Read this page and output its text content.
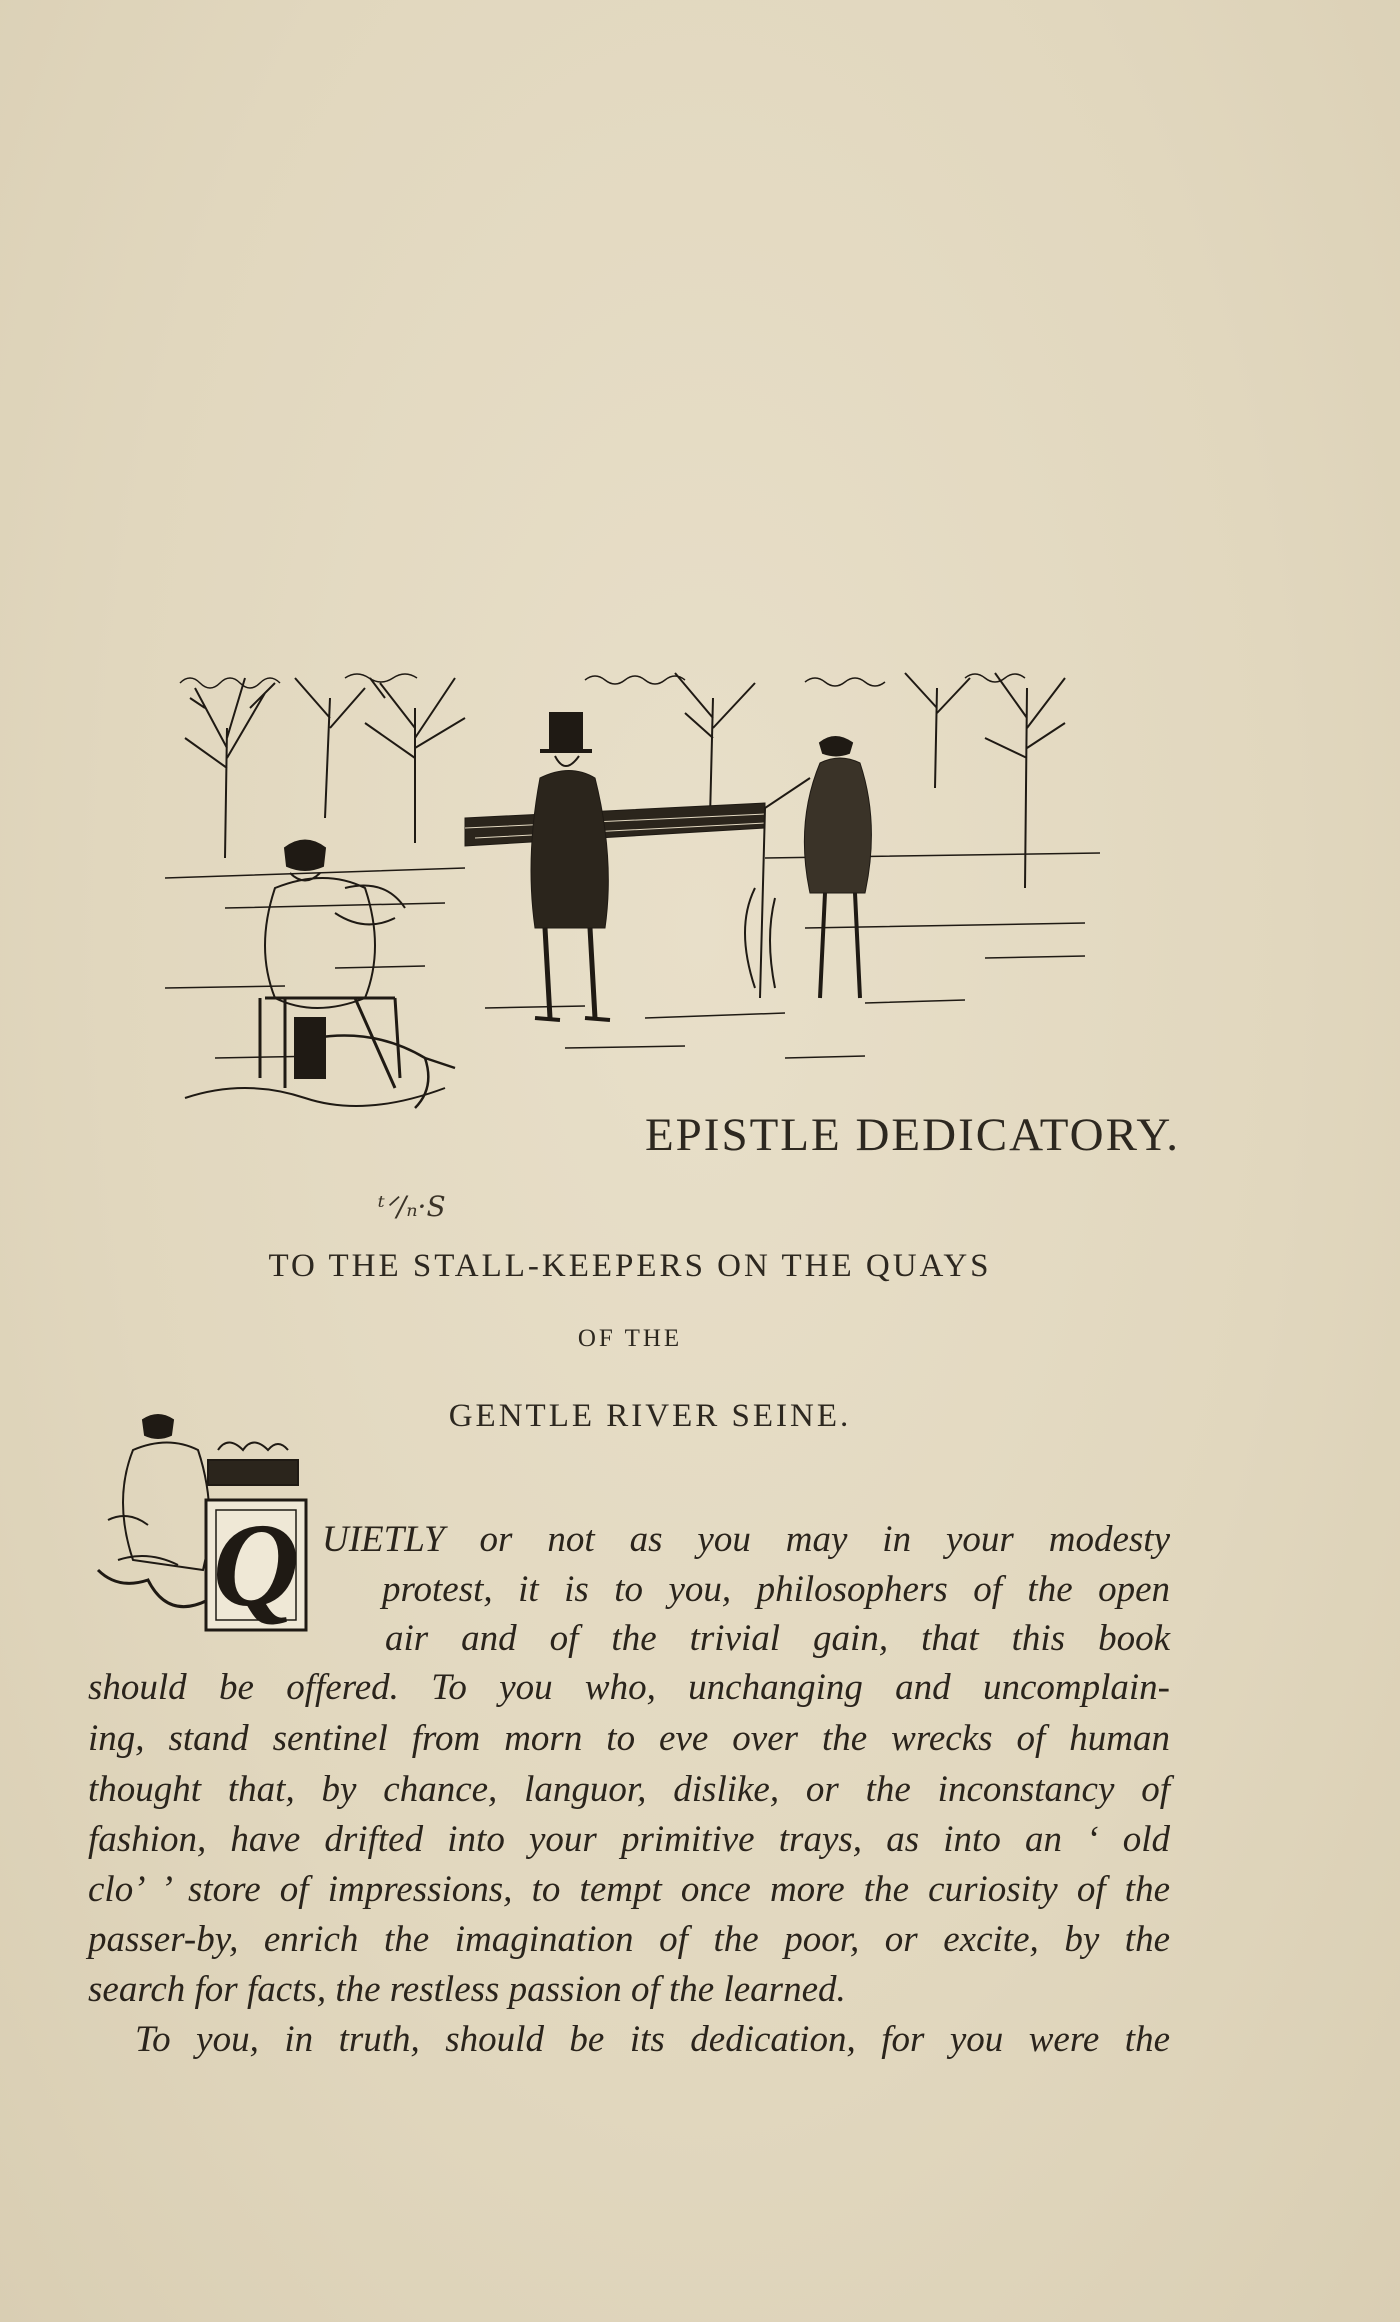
EPISTLE DEDICATORY.
ᵗᐟ/ₙ·S
TO THE STALL-KEEPERS ON THE QUAYS
OF THE
GENTLE RIVER SEINE.
Q UIETLY or not as you may in your modesty
protest, it is to you, philosophers of the open
air and of the trivial gain, that this book
should be offered. To you who, unchanging and uncomplain-
ing, stand sentinel from morn to eve over the wrecks of human
thought that, by chance, languor, dislike, or the inconstancy of
fashion, have drifted into your primitive trays, as into an ‘ old
clo’ ’ store of impressions, to tempt once more the curiosity of the
passer-by, enrich the imagination of the poor, or excite, by the
search for facts, the restless passion of the learned.
To you, in truth, should be its dedication, for you were the
